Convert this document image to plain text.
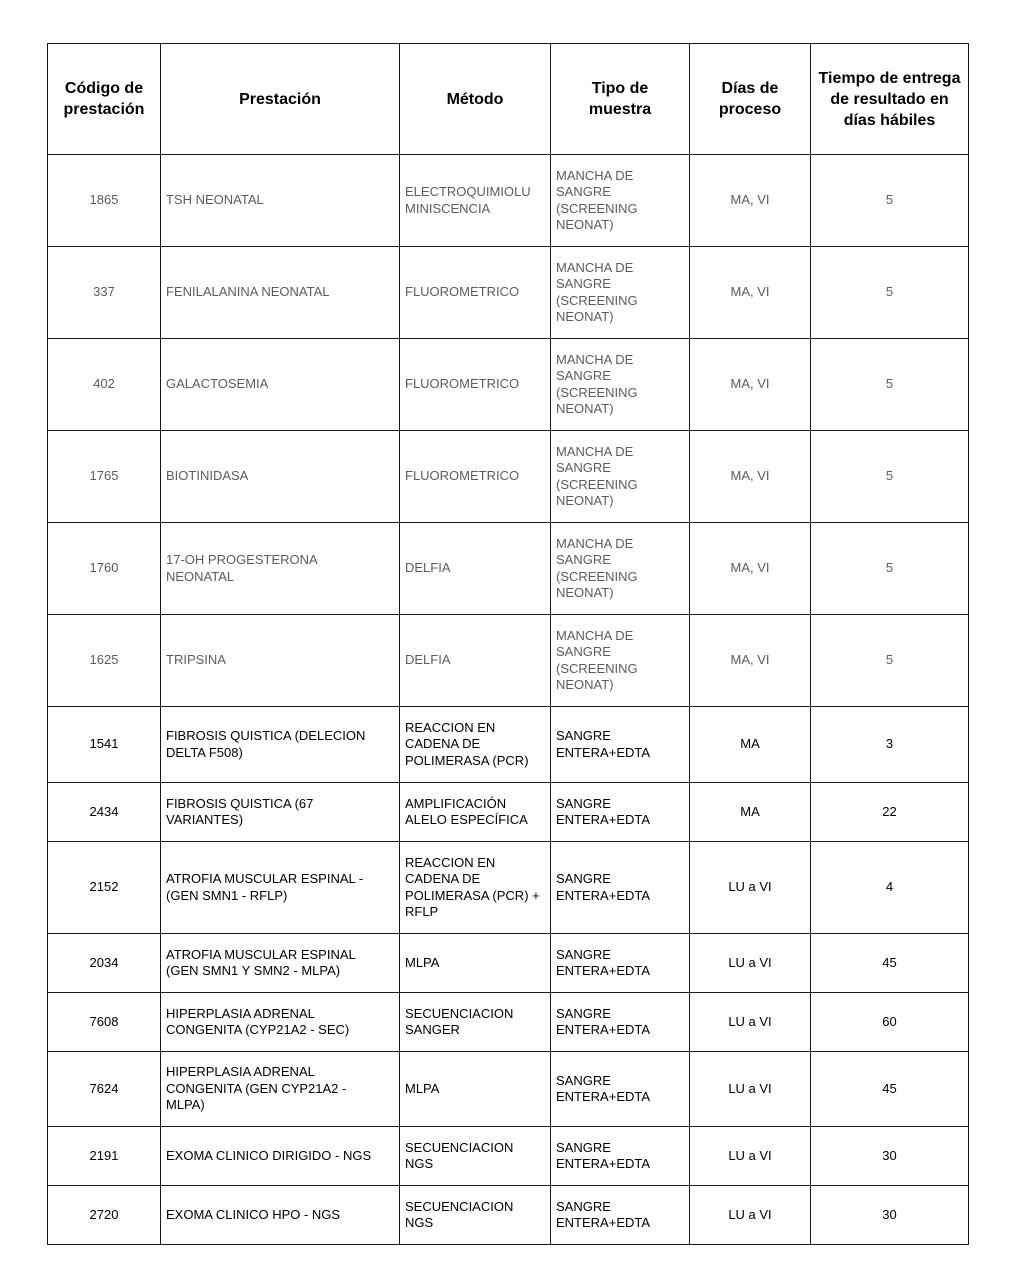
Código de prestación	Prestación	Método	Tipo de muestra	Días de proceso	Tiempo de entrega de resultado en días hábiles

1865	TSH NEONATAL	ELECTROQUIMIOLU MINISCENCIA	MANCHA DE SANGRE (SCREENING NEONAT)	MA, VI	5
337	FENILALANINA NEONATAL	FLUOROMETRICO	MANCHA DE SANGRE (SCREENING NEONAT)	MA, VI	5
402	GALACTOSEMIA	FLUOROMETRICO	MANCHA DE SANGRE (SCREENING NEONAT)	MA, VI	5
1765	BIOTINIDASA	FLUOROMETRICO	MANCHA DE SANGRE (SCREENING NEONAT)	MA, VI	5
1760	17-OH PROGESTERONA NEONATAL	DELFIA	MANCHA DE SANGRE (SCREENING NEONAT)	MA, VI	5
1625	TRIPSINA	DELFIA	MANCHA DE SANGRE (SCREENING NEONAT)	MA, VI	5
1541	FIBROSIS QUISTICA (DELECION DELTA F508)	REACCION EN CADENA DE POLIMERASA (PCR)	SANGRE ENTERA+EDTA	MA	3
2434	FIBROSIS QUISTICA (67 VARIANTES)	AMPLIFICACIÓN ALELO ESPECÍFICA	SANGRE ENTERA+EDTA	MA	22
2152	ATROFIA MUSCULAR ESPINAL - (GEN SMN1 - RFLP)	REACCION EN CADENA DE POLIMERASA (PCR) + RFLP	SANGRE ENTERA+EDTA	LU a VI	4
2034	ATROFIA MUSCULAR ESPINAL (GEN SMN1 Y SMN2 - MLPA)	MLPA	SANGRE ENTERA+EDTA	LU a VI	45
7608	HIPERPLASIA ADRENAL CONGENITA (CYP21A2 - SEC)	SECUENCIACION SANGER	SANGRE ENTERA+EDTA	LU a VI	60
7624	HIPERPLASIA ADRENAL CONGENITA (GEN CYP21A2 - MLPA)	MLPA	SANGRE ENTERA+EDTA	LU a VI	45
2191	EXOMA CLINICO DIRIGIDO - NGS	SECUENCIACION NGS	SANGRE ENTERA+EDTA	LU a VI	30
2720	EXOMA CLINICO HPO - NGS	SECUENCIACION NGS	SANGRE ENTERA+EDTA	LU a VI	30
